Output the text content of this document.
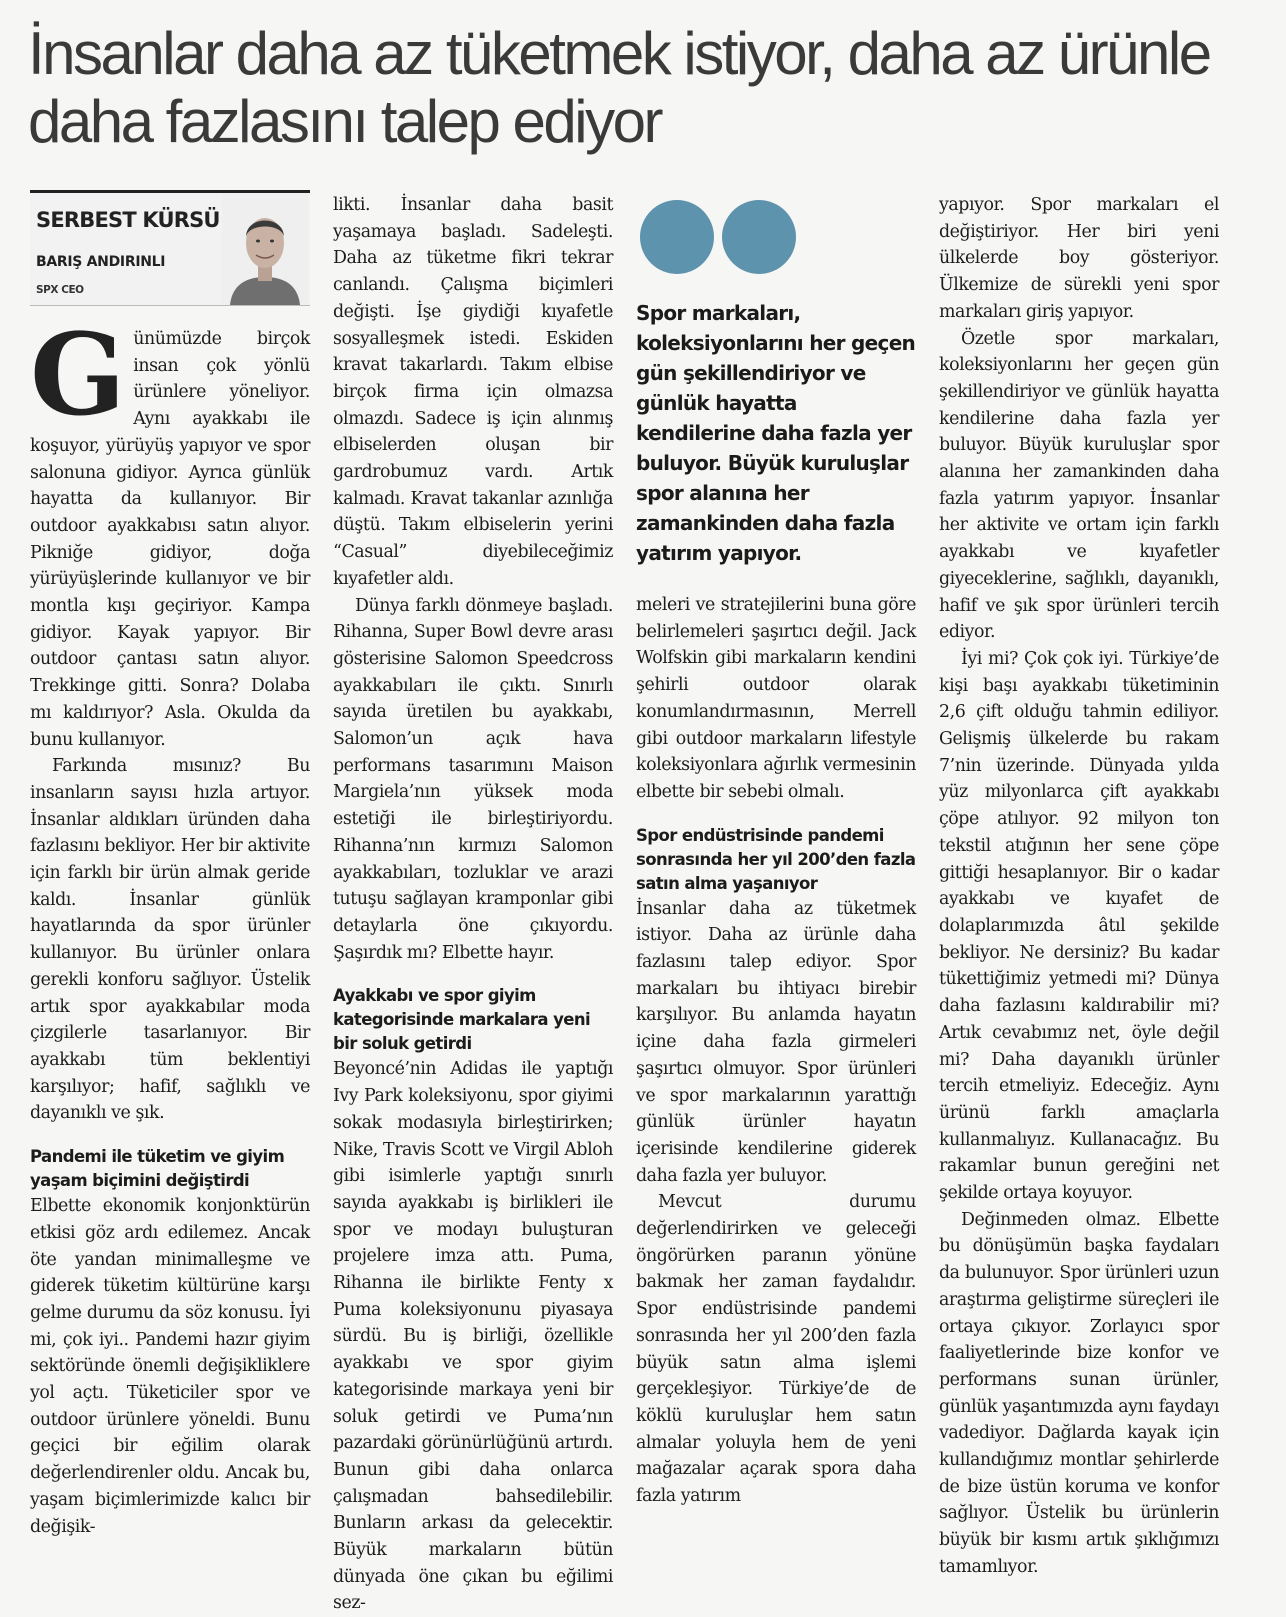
İnsanlar daha az tüketmek istiyor, daha az ürünle daha fazlasını talep ediyor
SERBEST KÜRSÜ
BARIŞ ANDIRINLI
SPX CEO

Günümüzde birçok insan çok yönlü ürünlere yöneliyor. Aynı ayakkabı ile koşuyor, yürüyüş yapıyor ve spor salonuna gidiyor. Ayrıca günlük hayatta da kullanıyor. Bir outdoor ayakkabısı satın alıyor. Pikniğe gidiyor, doğa yürüyüşlerinde kullanıyor ve bir montla kışı geçiriyor. Kampa gidiyor. Kayak yapıyor. Bir outdoor çantası satın alıyor. Trekkinge gitti. Sonra? Dolaba mı kaldırıyor? Asla. Okulda da bunu kullanıyor.

Farkında mısınız? Bu insanların sayısı hızla artıyor. İnsanlar aldıkları üründen daha fazlasını bekliyor. Her bir aktivite için farklı bir ürün almak geride kaldı. İnsanlar günlük hayatlarında da spor ürünler kullanıyor. Bu ürünler onlara gerekli konforu sağlıyor. Üstelik artık spor ayakkabılar moda çizgilerle tasarlanıyor. Bir ayakkabı tüm beklentiyi karşılıyor; hafif, sağlıklı ve dayanıklı ve şık.

Pandemi ile tüketim ve giyim yaşam biçimini değiştirdi

Elbette ekonomik konjonktürün etkisi göz ardı edilemez. Ancak öte yandan minimalleşme ve giderek tüketim kültürüne karşı gelme durumu da söz konusu. İyi mi, çok iyi.. Pandemi hazır giyim sektöründe önemli değişikliklere yol açtı. Tüketiciler spor ve outdoor ürünlere yöneldi. Bunu geçici bir eğilim olarak değerlendirenler oldu. Ancak bu, yaşam biçimlerimizde kalıcı bir değişik-

likti. İnsanlar daha basit yaşamaya başladı. Sadeleşti. Daha az tüketme fikri tekrar canlandı. Çalışma biçimleri değişti. İşe giydiği kıyafetle sosyalleşmek istedi. Eskiden kravat takarlardı. Takım elbise birçok firma için olmazsa olmazdı. Sadece iş için alınmış elbiselerden oluşan bir gardrobumuz vardı. Artık kalmadı. Kravat takanlar azınlığa düştü. Takım elbiselerin yerini “Casual” diyebileceğimiz kıyafetler aldı.

Dünya farklı dönmeye başladı. Rihanna, Super Bowl devre arası gösterisine Salomon Speedcross ayakkabıları ile çıktı. Sınırlı sayıda üretilen bu ayakkabı, Salomon’un açık hava performans tasarımını Maison Margiela’nın yüksek moda estetiği ile birleştiriyordu. Rihanna’nın kırmızı Salomon ayakkabıları, tozluklar ve arazi tutuşu sağlayan kramponlar gibi detaylarla öne çıkıyordu. Şaşırdık mı? Elbette hayır.

Ayakkabı ve spor giyim kategorisinde markalara yeni bir soluk getirdi

Beyoncé’nin Adidas ile yaptığı Ivy Park koleksiyonu, spor giyimi sokak modasıyla birleştirirken; Nike, Travis Scott ve Virgil Abloh gibi isimlerle yaptığı sınırlı sayıda ayakkabı iş birlikleri ile spor ve modayı buluşturan projelere imza attı. Puma, Rihanna ile birlikte Fenty x Puma koleksiyonunu piyasaya sürdü. Bu iş birliği, özellikle ayakkabı ve spor giyim kategorisinde markaya yeni bir soluk getirdi ve Puma’nın pazardaki görünürlüğünü artırdı. Bunun gibi daha onlarca çalışmadan bahsedilebilir. Bunların arkası da gelecektir. Büyük markaların bütün dünyada öne çıkan bu eğilimi sez-

Spor markaları, koleksiyonlarını her geçen gün şekillendiriyor ve günlük hayatta kendilerine daha fazla yer buluyor. Büyük kuruluşlar spor alanına her zamankinden daha fazla yatırım yapıyor.

meleri ve stratejilerini buna göre belirlemeleri şaşırtıcı değil. Jack Wolfskin gibi markaların kendini şehirli outdoor olarak konumlandırmasının, Merrell gibi outdoor markaların lifestyle koleksiyonlara ağırlık vermesinin elbette bir sebebi olmalı.

Spor endüstrisinde pandemi sonrasında her yıl 200’den fazla satın alma yaşanıyor

İnsanlar daha az tüketmek istiyor. Daha az ürünle daha fazlasını talep ediyor. Spor markaları bu ihtiyacı birebir karşılıyor. Bu anlamda hayatın içine daha fazla girmeleri şaşırtıcı olmuyor. Spor ürünleri ve spor markalarının yarattığı günlük ürünler hayatın içerisinde kendilerine giderek daha fazla yer buluyor.

Mevcut durumu değerlendirirken ve geleceği öngörürken paranın yönüne bakmak her zaman faydalıdır. Spor endüstrisinde pandemi sonrasında her yıl 200’den fazla büyük satın alma işlemi gerçekleşiyor. Türkiye’de de köklü kuruluşlar hem satın almalar yoluyla hem de yeni mağazalar açarak spora daha fazla yatırım

yapıyor. Spor markaları el değiştiriyor. Her biri yeni ülkelerde boy gösteriyor. Ülkemize de sürekli yeni spor markaları giriş yapıyor.

Özetle spor markaları, koleksiyonlarını her geçen gün şekillendiriyor ve günlük hayatta kendilerine daha fazla yer buluyor. Büyük kuruluşlar spor alanına her zamankinden daha fazla yatırım yapıyor. İnsanlar her aktivite ve ortam için farklı ayakkabı ve kıyafetler giyeceklerine, sağlıklı, dayanıklı, hafif ve şık spor ürünleri tercih ediyor.

İyi mi? Çok çok iyi. Türkiye’de kişi başı ayakkabı tüketiminin 2,6 çift olduğu tahmin ediliyor. Gelişmiş ülkelerde bu rakam 7’nin üzerinde. Dünyada yılda yüz milyonlarca çift ayakkabı çöpe atılıyor. 92 milyon ton tekstil atığının her sene çöpe gittiği hesaplanıyor. Bir o kadar ayakkabı ve kıyafet de dolaplarımızda âtıl şekilde bekliyor. Ne dersiniz? Bu kadar tükettiğimiz yetmedi mi? Dünya daha fazlasını kaldırabilir mi? Artık cevabımız net, öyle değil mi? Daha dayanıklı ürünler tercih etmeliyiz. Edeceğiz. Aynı ürünü farklı amaçlarla kullanmalıyız. Kullanacağız. Bu rakamlar bunun gereğini net şekilde ortaya koyuyor.

Değinmeden olmaz. Elbette bu dönüşümün başka faydaları da bulunuyor. Spor ürünleri uzun araştırma geliştirme süreçleri ile ortaya çıkıyor. Zorlayıcı spor faaliyetlerinde bize konfor ve performans sunan ürünler, günlük yaşantımızda aynı faydayı vadediyor. Dağlarda kayak için kullandığımız montlar şehirlerde de bize üstün koruma ve konfor sağlıyor. Üstelik bu ürünlerin büyük bir kısmı artık şıklığımızı tamamlıyor.
